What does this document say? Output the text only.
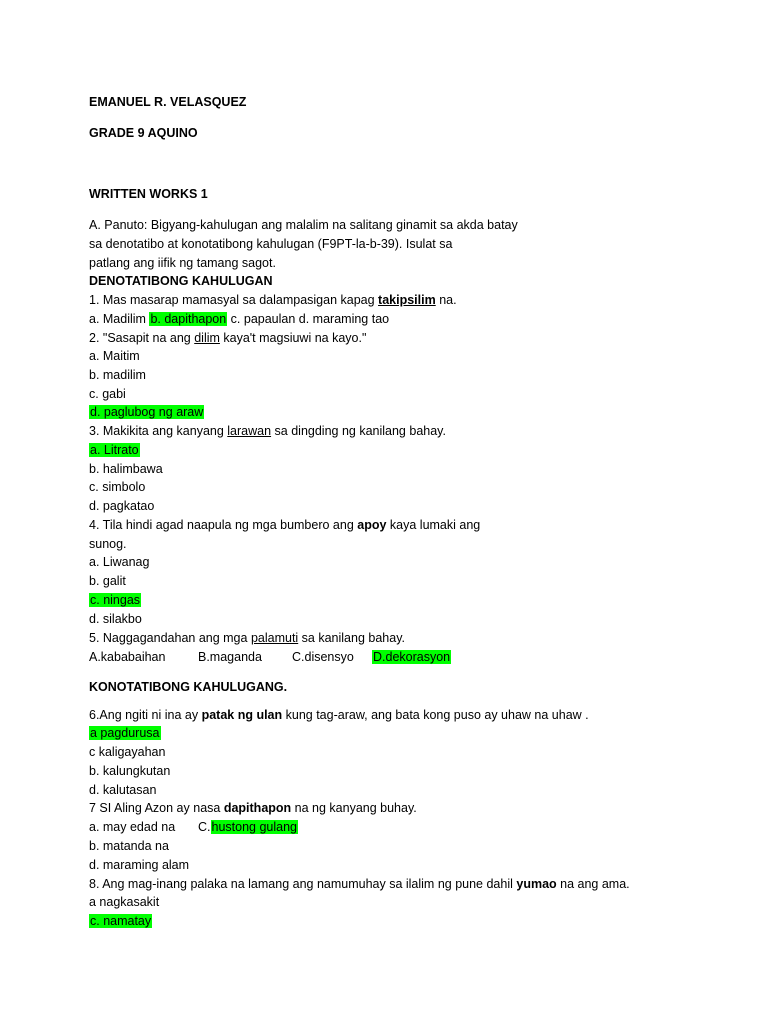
EMANUEL R. VELASQUEZ
GRADE 9 AQUINO
WRITTEN WORKS 1
A. Panuto: Bigyang-kahulugan ang malalim na salitang ginamit sa akda batay
sa denotatibo at konotatibong kahulugan (F9PT-la-b-39). Isulat sa
patlang ang iifik ng tamang sagot.
DENOTATIBONG KAHULUGAN
1. Mas masarap mamasyal sa dalampasigan kapag takipsilim na.
a. Madilim b. dapithapon c. papaulan d. maraming tao
2. "Sasapit na ang dilim kaya't magsiuwi na kayo."
a. Maitim
b. madilim
c. gabi
d. paglubog ng araw
3. Makikita ang kanyang larawan sa dingding ng kanilang bahay.
a. Litrato
b. halimbawa
c. simbolo
d. pagkatao
4. Tila hindi agad naapula ng mga bumbero ang apoy kaya lumaki ang
sunog.
a. Liwanag
b. galit
c. ningas
d. silakbo
5. Naggagandahan ang mga palamuti sa kanilang bahay.
A.kababaihan	B.maganda C.disensyo D.dekorasyon
KONOTATIBONG KAHULUGANG.
6.Ang ngiti ni ina ay patak ng ulan kung tag-araw, ang bata kong puso ay uhaw na uhaw .
a pagdurusa
c kaligayahan
b. kalungkutan
d. kalutasan
7 SI Aling Azon ay nasa dapithapon na ng kanyang buhay.
a. may edad na C.hustong gulang
b. matanda na
d. maraming alam
8. Ang mag-inang palaka na lamang ang namumuhay sa ilalim ng pune dahil yumao na ang ama.
a nagkasakit
c. namatay
